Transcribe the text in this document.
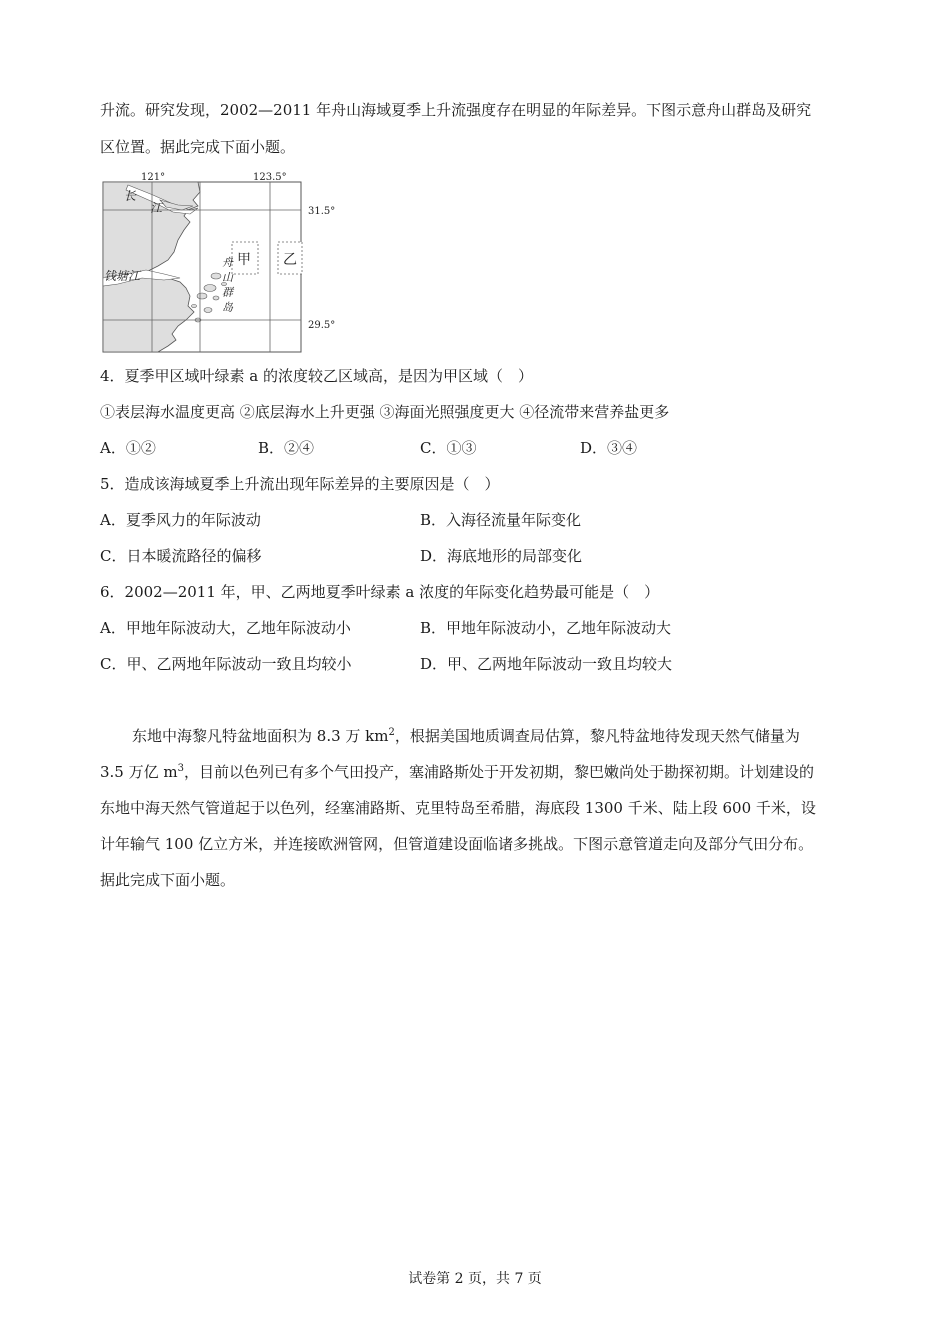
升流。研究发现，2002—2011 年舟山海域夏季上升流强度存在明显的年际差异。下图示意舟山群岛及研究
区位置。据此完成下面小题。
121°	123.5°
31.5°
29.5°
长
江
钱塘江
舟
山
群
岛
甲 乙
4．夏季甲区域叶绿素 a 的浓度较乙区域高，是因为甲区域（　）
①表层海水温度更高 ②底层海水上升更强 ③海面光照强度更大 ④径流带来营养盐更多
A．①②	B．②④	C．①③	D．③④
5．造成该海域夏季上升流出现年际差异的主要原因是（　）
A．夏季风力的年际波动	B．入海径流量年际变化
C．日本暖流路径的偏移	D．海底地形的局部变化
6．2002—2011 年，甲、乙两地夏季叶绿素 a 浓度的年际变化趋势最可能是（　）
A．甲地年际波动大，乙地年际波动小	B．甲地年际波动小，乙地年际波动大
C．甲、乙两地年际波动一致且均较小	D．甲、乙两地年际波动一致且均较大
东地中海黎凡特盆地面积为 8.3 万 $km^2$，根据美国地质调查局估算，黎凡特盆地待发现天然气储量为
3.5 万亿 $m^3$，目前以色列已有多个气田投产，塞浦路斯处于开发初期，黎巴嫩尚处于勘探初期。计划建设的
东地中海天然气管道起于以色列，经塞浦路斯、克里特岛至希腊，海底段 1300 千米、陆上段 600 千米，设
计年输气 100 亿立方米，并连接欧洲管网，但管道建设面临诸多挑战。下图示意管道走向及部分气田分布。
据此完成下面小题。
试卷第 2 页，共 7 页
